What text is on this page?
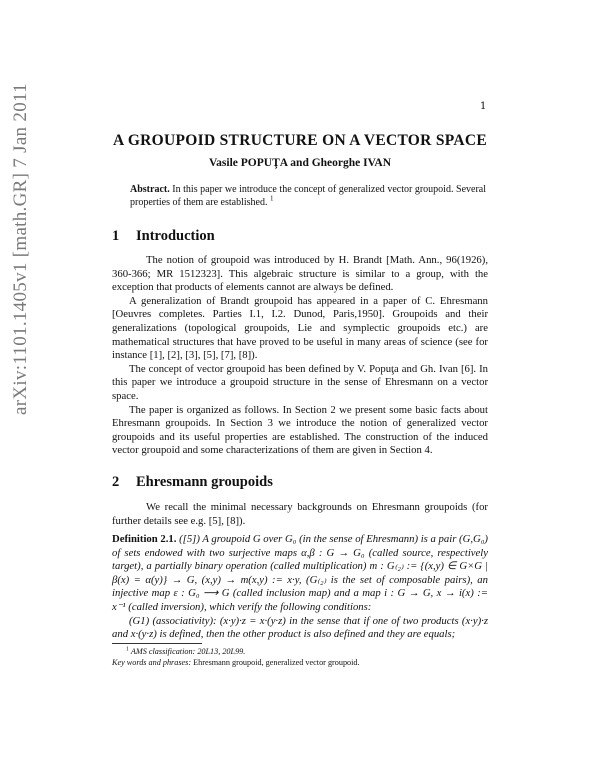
1
arXiv:1101.1405v1 [math.GR] 7 Jan 2011	A GROUPOID STRUCTURE ON A VECTOR SPACE
Vasile POPUŢA and Gheorghe IVAN
Abstract. In this paper we introduce the concept of generalized vector groupoid. Several properties of them are established. $^1$
1 Introduction

The notion of groupoid was introduced by H. Brandt [Math. Ann., 96(1926), 360-366; MR 1512323]. This algebraic structure is similar to a group, with the exception that products of elements cannot are always be defined.

A generalization of Brandt groupoid has appeared in a paper of C. Ehresmann [Oeuvres completes. Parties I.1, I.2. Dunod, Paris,1950]. Groupoids and their generalizations (topological groupoids, Lie and symplectic groupoids etc.) are mathematical structures that have proved to be useful in many areas of science (see for instance [1], [2], [3], [5], [7], [8]).

The concept of vector groupoid has been defined by V. Popuţa and Gh. Ivan [6]. In this paper we introduce a groupoid structure in the sense of Ehresmann on a vector space.

The paper is organized as follows. In Section 2 we present some basic facts about Ehresmann groupoids. In Section 3 we introduce the notion of generalized vector groupoids and its useful properties are established. The construction of the induced vector groupoid and some characterizations of them are given in Section 4.

2 Ehresmann groupoids

We recall the minimal necessary backgrounds on Ehresmann groupoids (for further details see e.g. [5], [8]).

Definition 2.1. ([5]) A groupoid G over G₀ (in the sense of Ehresmann) is a pair (G,G₀) of sets endowed with two surjective maps α,β : G → G₀ (called source, respectively target), a partially binary operation (called multiplication) m : G₍₂₎ := {(x,y) ∈ G×G | β(x) = α(y)} → G, (x,y) → m(x,y) := x·y, (G₍₂₎ is the set of composable pairs), an injective map ε : G₀ ⟶ G (called inclusion map) and a map i : G → G, x → i(x) := x⁻¹ (called inversion), which verify the following conditions:

(G1) (associativity): (x·y)·z = x·(y·z) in the sense that if one of two products (x·y)·z and x·(y·z) is defined, then the other product is also defined and they are equals;

$^1$ AMS classification: 20L13, 20L99.
Key words and phrases: Ehresmann groupoid, generalized vector groupoid.
